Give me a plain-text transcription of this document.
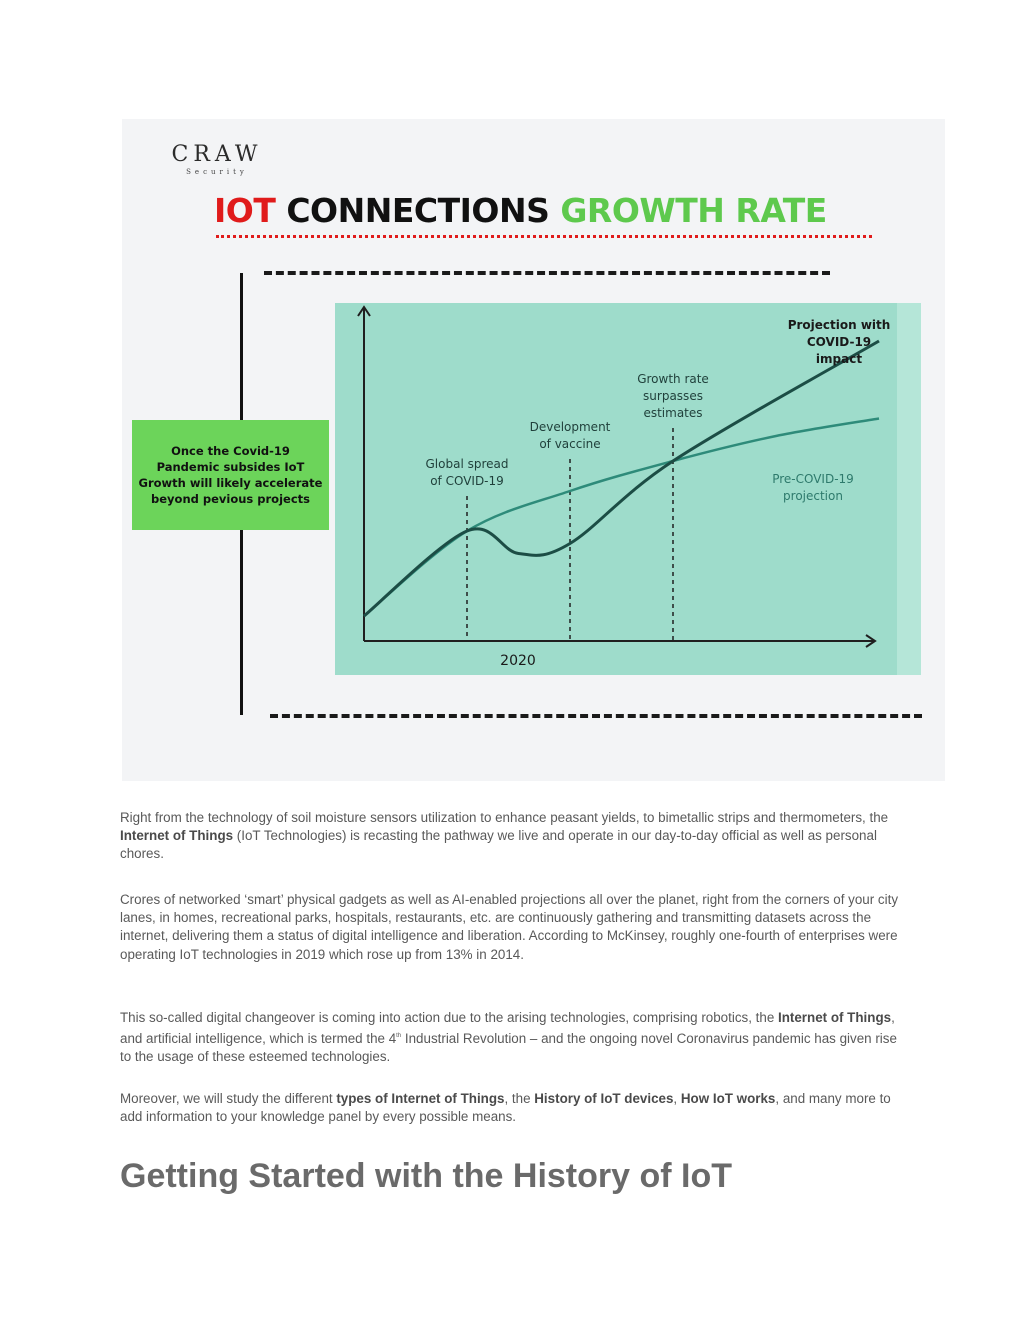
CRAW
Security
IOT CONNECTIONS GROWTH RATE
Once the Covid-19 Pandemic subsides IoT Growth will likely accelerate beyond pevious projects
Global spread of COVID-19
Development of vaccine
Growth rate surpasses estimates
Projection with COVID-19 impact
Pre-COVID-19 projection
2020

Right from the technology of soil moisture sensors utilization to enhance peasant yields, to bimetallic strips and thermometers, the Internet of Things (IoT Technologies) is recasting the pathway we live and operate in our day-to-day official as well as personal chores.

Crores of networked ‘smart’ physical gadgets as well as AI-enabled projections all over the planet, right from the corners of your city lanes, in homes, recreational parks, hospitals, restaurants, etc. are continuously gathering and transmitting datasets across the internet, delivering them a status of digital intelligence and liberation. According to McKinsey, roughly one-fourth of enterprises were operating IoT technologies in 2019 which rose up from 13% in 2014.

This so-called digital changeover is coming into action due to the arising technologies, comprising robotics, the Internet of Things, and artificial intelligence, which is termed the 4th Industrial Revolution – and the ongoing novel Coronavirus pandemic has given rise to the usage of these esteemed technologies.

Moreover, we will study the different types of Internet of Things, the History of IoT devices, How IoT works, and many more to add information to your knowledge panel by every possible means.

Getting Started with the History of IoT
